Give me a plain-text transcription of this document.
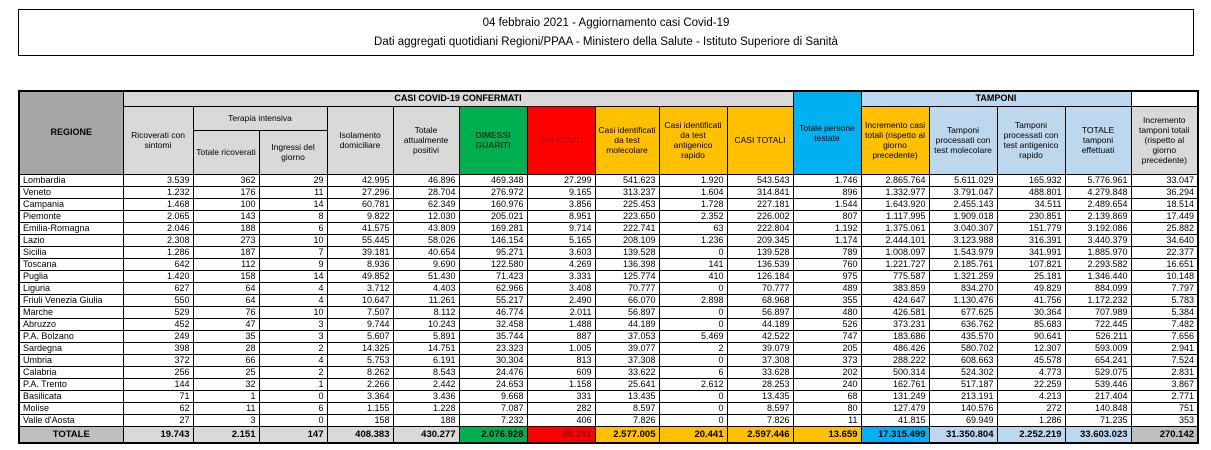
04 febbraio 2021 - Aggiornamento casi Covid-19
Dati aggregati quotidiani Regioni/PPAA - Ministero della Salute - Istituto Superiore di Sanità
REGIONE	CASI COVID-19 CONFERMATI										Totale persone testate	TAMPONI				
	Ricoverati con sintomi	Terapia intensiva		Isolamento domiciliare	Totale attualmente positivi	DIMESSI GUARITI	DECEDUTI	Casi identificati da test molecolare	Casi identificati da test antigenico rapido	CASI TOTALI		Incremento casi totali (rispetto al giorno precedente)	Tamponi processati con test molecolare	Tamponi processati con test antigenico rapido	TOTALE tamponi effettuati	Incremento tamponi totali (rispetto al giorno precedente)
		Totale ricoverati	Ingressi del giorno													
Lombardia	3.539	362	29	42.995	46.896	469.348	27.299	541.623	1.920	543.543	1.746	2.865.764	5.611.029	165.932	5.776.961	33.047
Veneto	1.232	176	11	27.296	28.704	276.972	9.165	313.237	1.604	314.841	896	1.332.977	3.791.047	488.801	4.279.848	36.294
Campania	1.468	100	14	60.781	62.349	160.976	3.856	225.453	1.728	227.181	1.544	1.643.920	2.455.143	34.511	2.489.654	18.514
Piemonte	2.065	143	8	9.822	12.030	205.021	8.951	223.650	2.352	226.002	807	1.117.995	1.909.018	230.851	2.139.869	17.449
Emilia-Romagna	2.046	188	6	41.575	43.809	169.281	9.714	222.741	63	222.804	1.192	1.375.061	3.040.307	151.779	3.192.086	25.882
Lazio	2.308	273	10	55.445	58.026	146.154	5.165	208.109	1.236	209.345	1.174	2.444.101	3.123.988	316.391	3.440.379	34.640
Sicilia	1.286	187	7	39.181	40.654	95.271	3.603	139.528	0	139.528	789	1.008.097	1.543.979	341.991	1.885.970	22.377
Toscana	642	112	9	8.936	9.690	122.580	4.269	136.398	141	136.539	760	1.221.727	2.185.761	107.821	2.293.582	16.651
Puglia	1.420	158	14	49.852	51.430	71.423	3.331	125.774	410	126.184	975	775.587	1.321.259	25.181	1.346.440	10.148
Liguria	627	64	4	3.712	4.403	62.966	3.408	70.777	0	70.777	489	383.859	834.270	49.829	884.099	7.797
Friuli Venezia Giulia	550	64	4	10.647	11.261	55.217	2.490	66.070	2.898	68.968	355	424.647	1.130.476	41.756	1.172.232	5.783
Marche	529	76	10	7.507	8.112	46.774	2.011	56.897	0	56.897	480	426.581	677.625	30.364	707.989	5.384
Abruzzo	452	47	3	9.744	10.243	32.458	1.488	44.189	0	44.189	526	373.231	636.762	85.683	722.445	7.482
P.A. Bolzano	249	35	3	5.607	5.891	35.744	887	37.053	5.469	42.522	747	183.686	435.570	90.641	526.211	7.656
Sardegna	398	28	2	14.325	14.751	23.323	1.005	39.077	2	39.079	205	486.426	580.702	12.307	593.009	2.941
Umbria	372	66	4	5.753	6.191	30.304	813	37.308	0	37.308	373	288.222	608.663	45.578	654.241	7.524
Calabria	256	25	2	8.262	8.543	24.476	609	33.622	6	33.628	202	500.314	524.302	4.773	529.075	2.831
P.A. Trento	144	32	1	2.266	2.442	24.653	1.158	25.641	2.612	28.253	240	162.761	517.187	22.259	539.446	3.867
Basilicata	71	1	0	3.364	3.436	9.668	331	13.435	0	13.435	68	131.249	213.191	4.213	217.404	2.771
Molise	62	11	6	1.155	1.228	7.087	282	8.597	0	8.597	80	127.479	140.576	272	140.848	751
Valle d'Aosta	27	3	0	158	188	7.232	406	7.826	0	7.826	11	41.815	69.949	1.286	71.235	353
TOTALE	19.743	2.151	147	408.383	430.277	2.076.928	90.241	2.577.005	20.441	2.597.446	13.659	17.315.499	31.350.804	2.252.219	33.603.023	270.142
